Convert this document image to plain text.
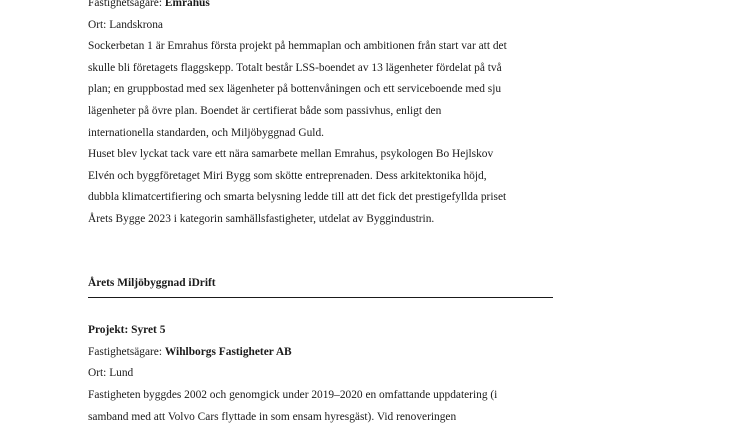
Fastighetsägare: Emrahus

Ort: Landskrona

Sockerbetan 1 är Emrahus första projekt på hemmaplan och ambitionen från start var att det

skulle bli företagets flaggskepp. Totalt består LSS-boendet av 13 lägenheter fördelat på två

plan; en gruppbostad med sex lägenheter på bottenvåningen och ett serviceboende med sju

lägenheter på övre plan. Boendet är certifierat både som passivhus, enligt den

internationella standarden, och Miljöbyggnad Guld.

Huset blev lyckat tack vare ett nära samarbete mellan Emrahus, psykologen Bo Hejlskov

Elvén och byggföretaget Miri Bygg som skötte entreprenaden. Dess arkitektonika höjd,

dubbla klimatcertifiering och smarta belysning ledde till att det fick det prestigefyllda priset

Årets Bygge 2023 i kategorin samhällsfastigheter, utdelat av Byggindustrin.

Årets Miljöbyggnad iDrift

Projekt: Syret 5

Fastighetsägare: Wihlborgs Fastigheter AB

Ort: Lund

Fastigheten byggdes 2002 och genomgick under 2019–2020 en omfattande uppdatering (i

samband med att Volvo Cars flyttade in som ensam hyresgäst). Vid renoveringen
